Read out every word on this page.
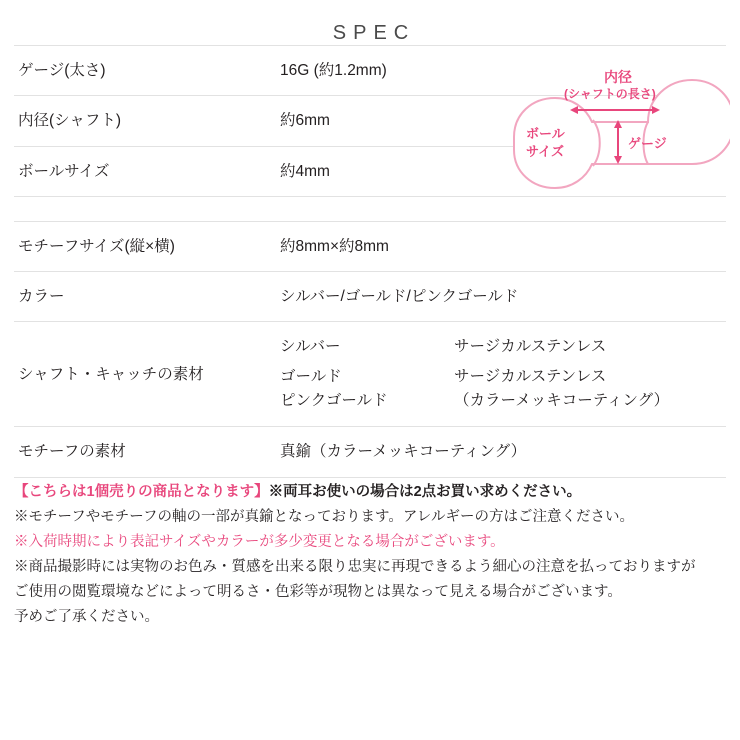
SPEC
ゲージ(太さ)	16G (約1.2mm)
内径(シャフト)	約6mm
ボールサイズ	約4mm
モチーフサイズ(縦×横)	約8mm×約8mm
カラー	シルバー/ゴールド/ピンクゴールド
シャフト・キャッチの素材	
シルバー	サージカルステンレス
ゴールド	サージカルステンレス
ピンクゴールド	（カラーメッキコーティング）

モチーフの素材	真鍮（カラーメッキコーティング）
内径
(シャフトの長さ)
ゲージ
ボール
サイズ
【こちらは1個売りの商品となります】※両耳お使いの場合は2点お買い求めください。
※モチーフやモチーフの軸の一部が真鍮となっております。アレルギーの方はご注意ください。
※入荷時期により表記サイズやカラーが多少変更となる場合がございます。
※商品撮影時には実物のお色み・質感を出来る限り忠実に再現できるよう細心の注意を払っておりますが
ご使用の閲覧環境などによって明るさ・色彩等が現物とは異なって見える場合がございます。
予めご了承ください。
